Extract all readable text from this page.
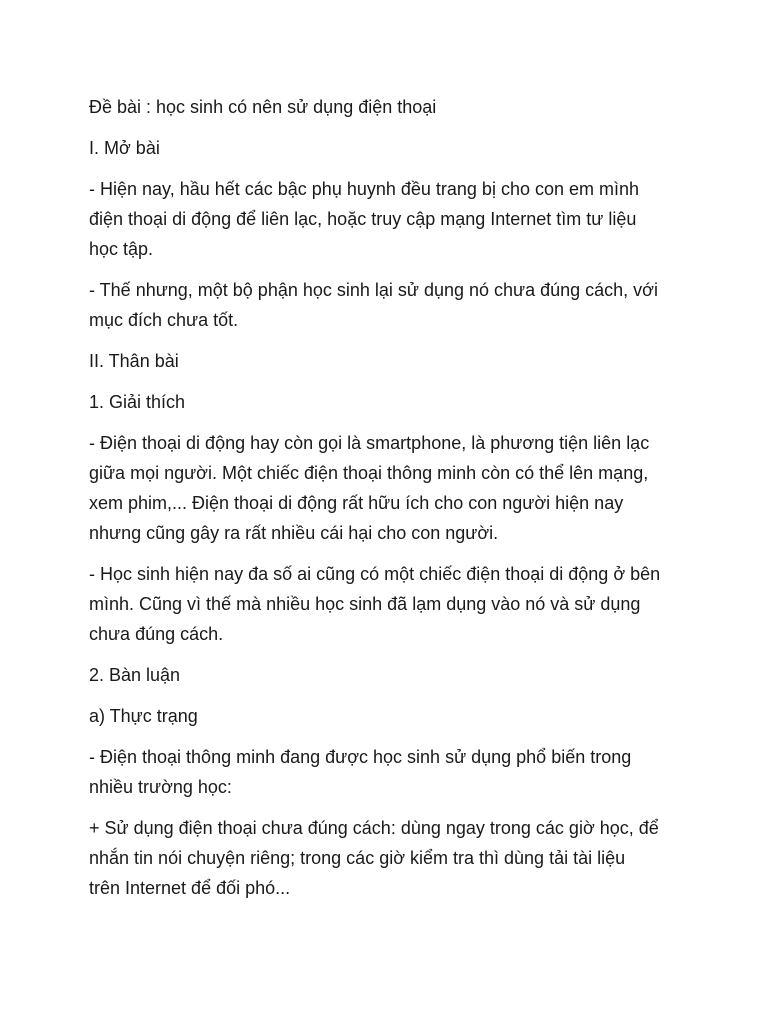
Đề bài : học sinh có nên sử dụng điện thoại

I. Mở bài

- Hiện nay, hầu hết các bậc phụ huynh đều trang bị cho con em mình
điện thoại di động để liên lạc, hoặc truy cập mạng Internet tìm tư liệu
học tập.

- Thế nhưng, một bộ phận học sinh lại sử dụng nó chưa đúng cách, với
mục đích chưa tốt.

II. Thân bài

1. Giải thích

- Điện thoại di động hay còn gọi là smartphone, là phương tiện liên lạc
giữa mọi người. Một chiếc điện thoại thông minh còn có thể lên mạng,
xem phim,... Điện thoại di động rất hữu ích cho con người hiện nay
nhưng cũng gây ra rất nhiều cái hại cho con người.

- Học sinh hiện nay đa số ai cũng có một chiếc điện thoại di động ở bên
mình. Cũng vì thế mà nhiều học sinh đã lạm dụng vào nó và sử dụng
chưa đúng cách.

2. Bàn luận

a) Thực trạng

- Điện thoại thông minh đang được học sinh sử dụng phổ biến trong
nhiều trường học:

+ Sử dụng điện thoại chưa đúng cách: dùng ngay trong các giờ học, để
nhắn tin nói chuyện riêng; trong các giờ kiểm tra thì dùng tải tài liệu
trên Internet để đối phó...
